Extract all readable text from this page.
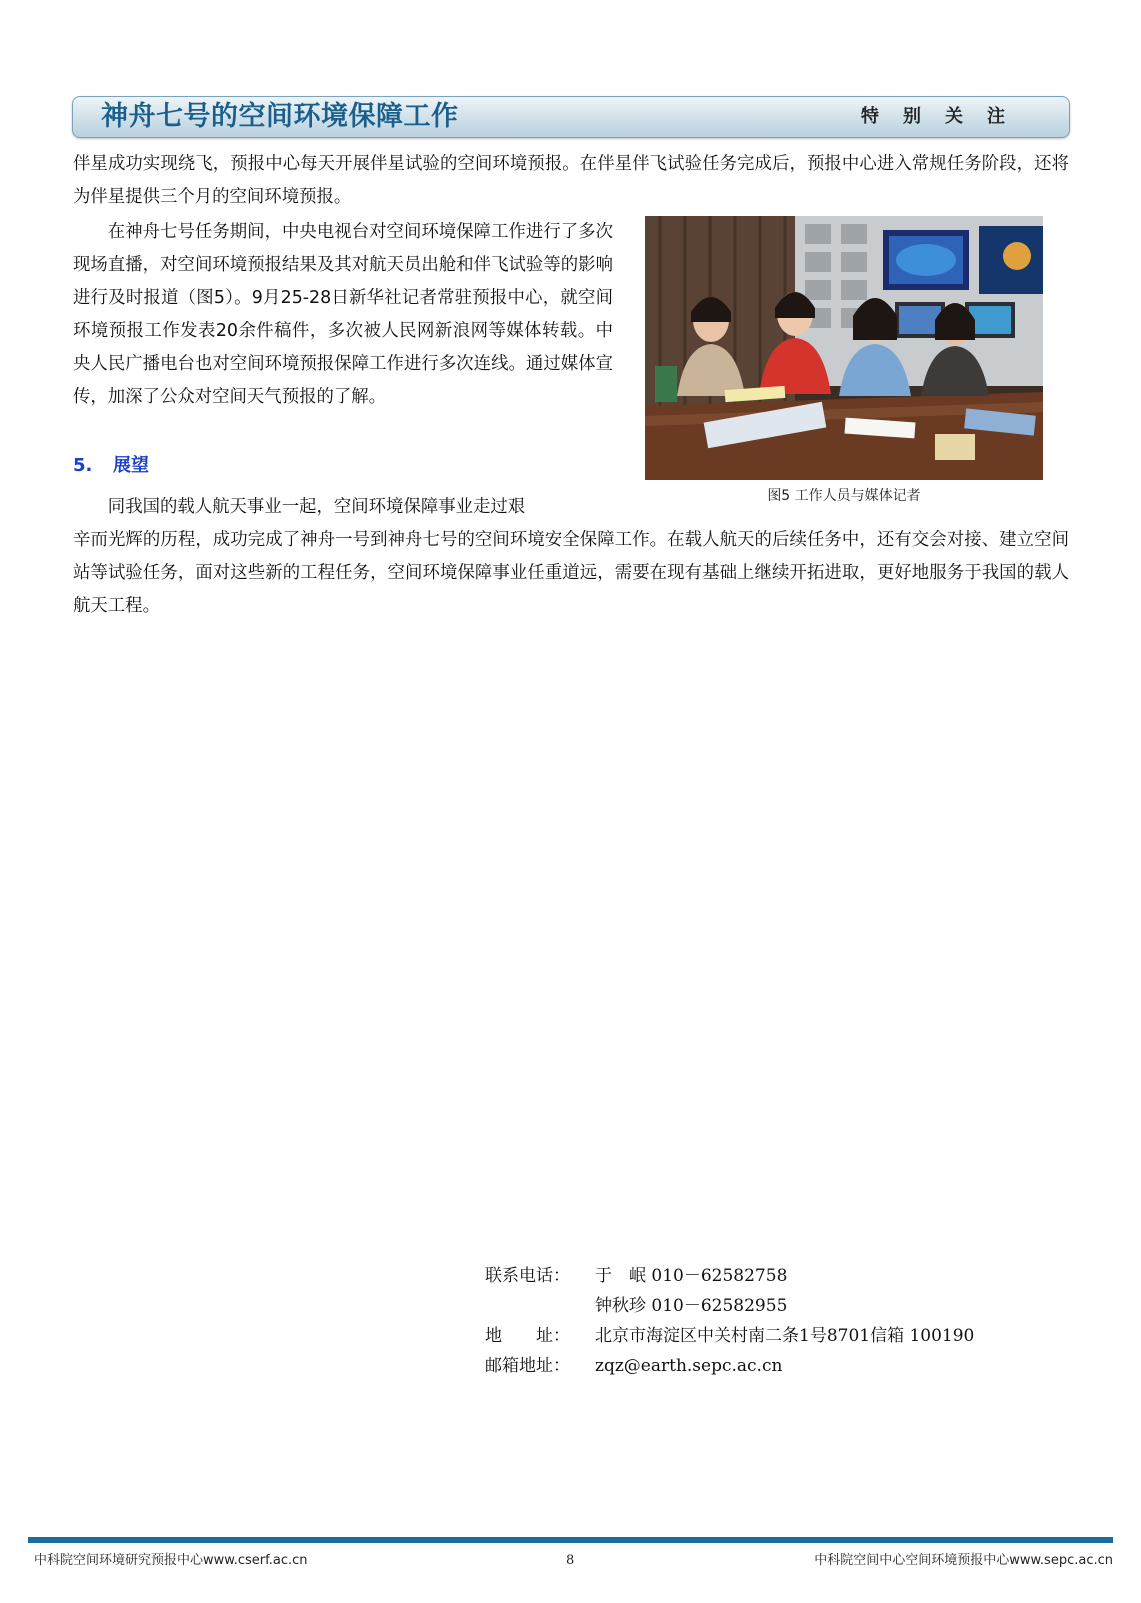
神舟七号的空间环境保障工作	特别关注

伴星成功实现绕飞，预报中心每天开展伴星试验的空间环境预报。在伴星伴飞试验任务完成后，预报中心进入常规任务阶段，还将为伴星提供三个月的空间环境预报。

在神舟七号任务期间，中央电视台对空间环境保障工作进行了多次现场直播，对空间环境预报结果及其对航天员出舱和伴飞试验等的影响进行及时报道（图5）。9月25-28日新华社记者常驻预报中心，就空间环境预报工作发表20余件稿件，多次被人民网新浪网等媒体转载。中央人民广播电台也对空间环境预报保障工作进行多次连线。通过媒体宣传，加深了公众对空间天气预报的了解。

5. 展望
同我国的载人航天事业一起，空间环境保障事业走过艰
辛而光辉的历程，成功完成了神舟一号到神舟七号的空间环境安全保障工作。在载人航天的后续任务中，还有交会对接、建立空间站等试验任务，面对这些新的工程任务，空间环境保障事业任重道远，需要在现有基础上继续开拓进取，更好地服务于我国的载人航天工程。
图5 工作人员与媒体记者
联系电话：	于　岷 010－62582758
钟秋珍 010－62582955
地　　址：	北京市海淀区中关村南二条1号8701信箱 100190
邮箱地址：	zqz@earth.sepc.ac.cn
中科院空间环境研究预报中心www.cserf.ac.cn	8	中科院空间中心空间环境预报中心www.sepc.ac.cn
